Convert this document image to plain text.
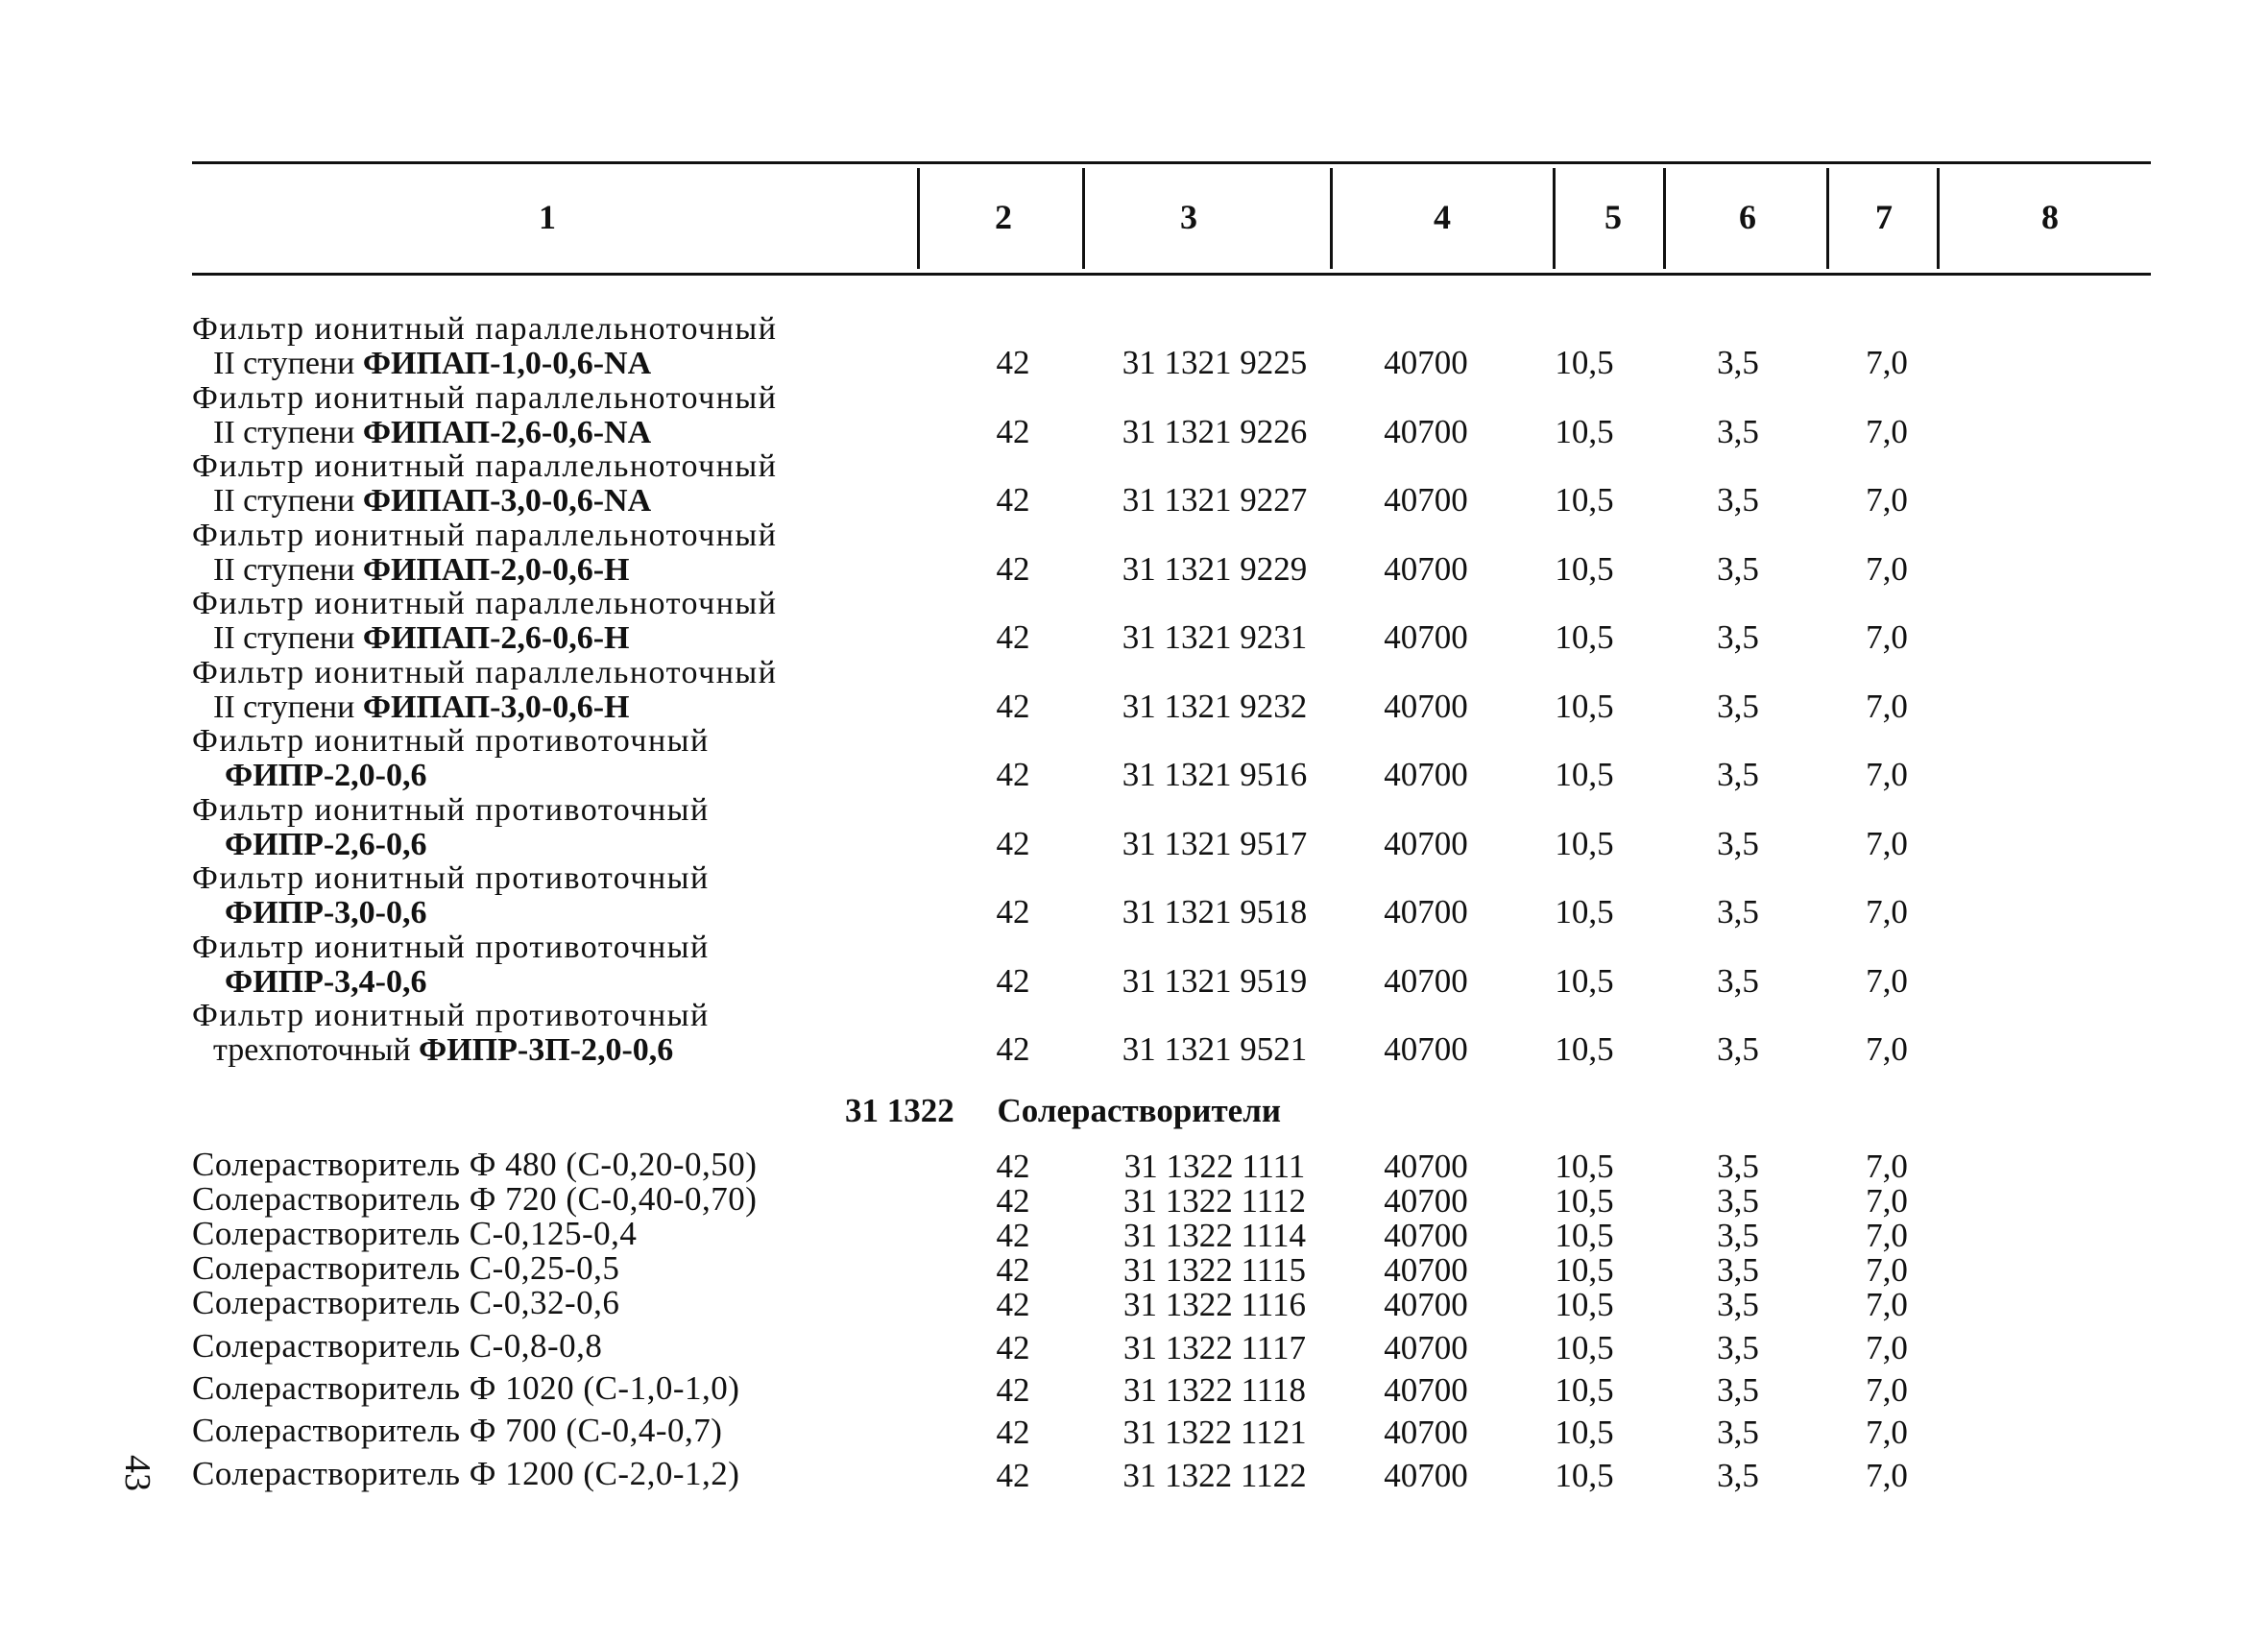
1	2	3	4	5	6	7	8
Фильтр ионитный параллельноточный
II ступени ФИПАП-1,0-0,6-NA	42	31 1321 9225	40700	10,5	3,5	7,0
Фильтр ионитный параллельноточный
II ступени ФИПАП-2,6-0,6-NA	42	31 1321 9226	40700	10,5	3,5	7,0
Фильтр ионитный параллельноточный
II ступени ФИПАП-3,0-0,6-NA	42	31 1321 9227	40700	10,5	3,5	7,0
Фильтр ионитный параллельноточный
II ступени ФИПАП-2,0-0,6-Н	42	31 1321 9229	40700	10,5	3,5	7,0
Фильтр ионитный параллельноточный
II ступени ФИПАП-2,6-0,6-Н	42	31 1321 9231	40700	10,5	3,5	7,0
Фильтр ионитный параллельноточный
II ступени ФИПАП-3,0-0,6-Н	42	31 1321 9232	40700	10,5	3,5	7,0
Фильтр ионитный противоточный
ФИПР-2,0-0,6	42	31 1321 9516	40700	10,5	3,5	7,0
Фильтр ионитный противоточный
ФИПР-2,6-0,6	42	31 1321 9517	40700	10,5	3,5	7,0
Фильтр ионитный противоточный
ФИПР-3,0-0,6	42	31 1321 9518	40700	10,5	3,5	7,0
Фильтр ионитный противоточный
ФИПР-3,4-0,6	42	31 1321 9519	40700	10,5	3,5	7,0
Фильтр ионитный противоточный
трехпоточный ФИПР-3П-2,0-0,6	42	31 1321 9521	40700	10,5	3,5	7,0
31 1322 Солерастворители
Солерастворитель Ф 480 (С-0,20-0,50)	42	31 1322 1111	40700	10,5	3,5	7,0
Солерастворитель Ф 720 (С-0,40-0,70)	42	31 1322 1112	40700	10,5	3,5	7,0
Солерастворитель С-0,125-0,4	42	31 1322 1114	40700	10,5	3,5	7,0
Солерастворитель С-0,25-0,5	42	31 1322 1115	40700	10,5	3,5	7,0
Солерастворитель С-0,32-0,6	42	31 1322 1116	40700	10,5	3,5	7,0
Солерастворитель С-0,8-0,8	42	31 1322 1117	40700	10,5	3,5	7,0
Солерастворитель Ф 1020 (С-1,0-1,0)	42	31 1322 1118	40700	10,5	3,5	7,0
Солерастворитель Ф 700 (С-0,4-0,7)	42	31 1322 1121	40700	10,5	3,5	7,0
Солерастворитель Ф 1200 (С-2,0-1,2)	42	31 1322 1122	40700	10,5	3,5	7,0
43
